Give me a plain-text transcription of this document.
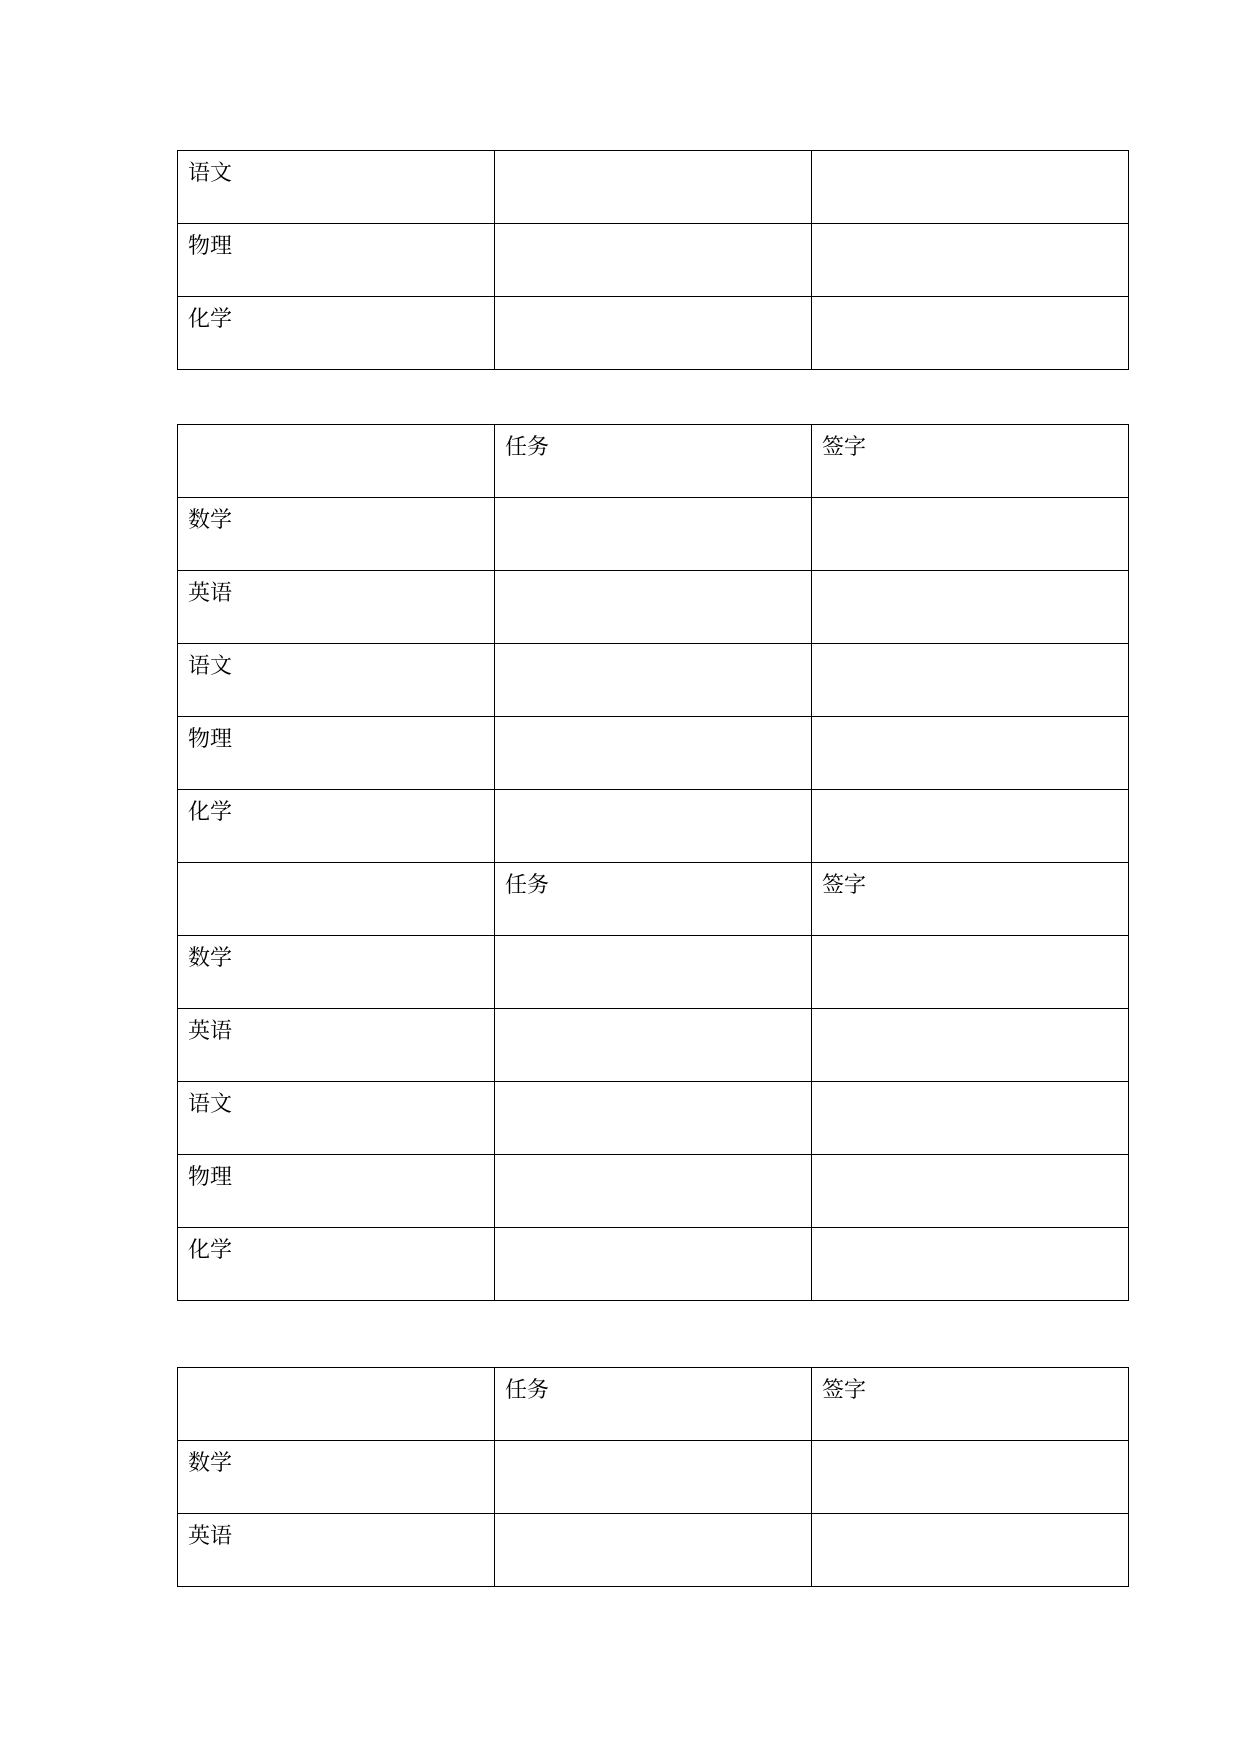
语文		
物理		
化学		
	任务	签字
数学		
英语		
语文		
物理		
化学		
	任务	签字
数学		
英语		
语文		
物理		
化学		
	任务	签字
数学		
英语		
